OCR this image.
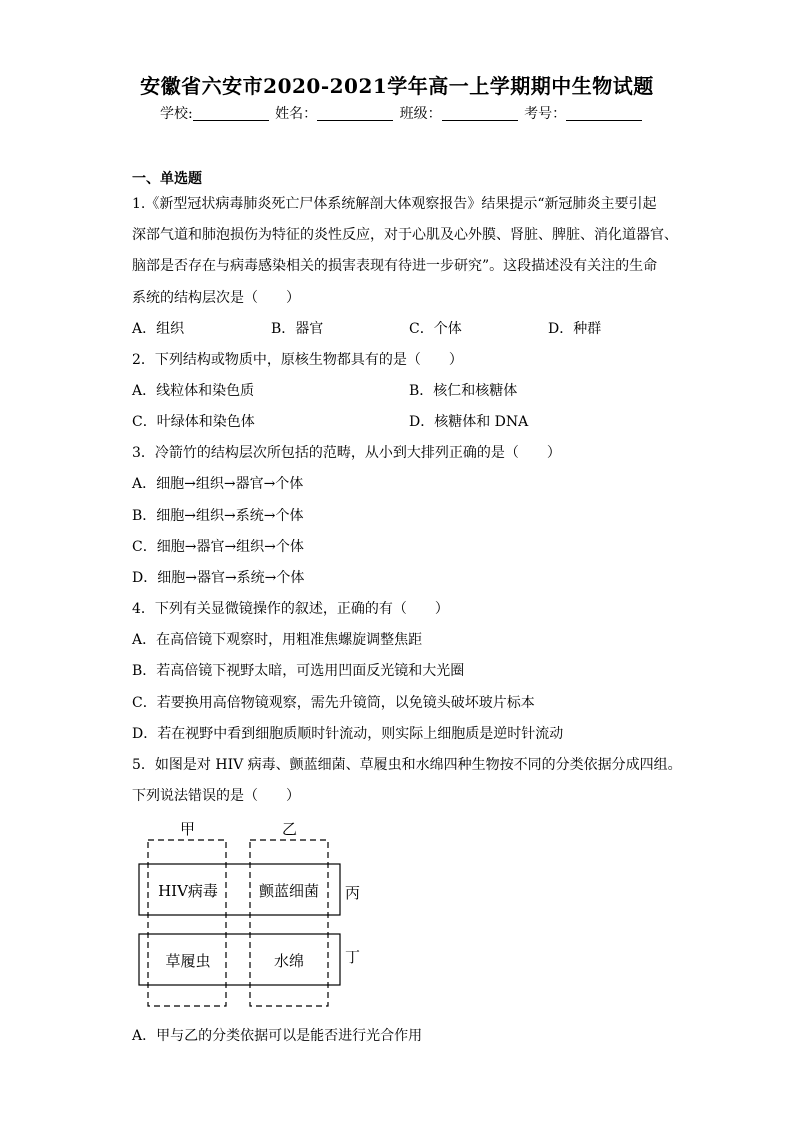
安徽省六安市2020-2021学年高一上学期期中生物试题
学校:	姓名：	班级：	考号：
一、单选题
1.《新型冠状病毒肺炎死亡尸体系统解剖大体观察报告》结果提示“新冠肺炎主要引起
深部气道和肺泡损伤为特征的炎性反应，对于心肌及心外膜、肾脏、脾脏、消化道器官、
脑部是否存在与病毒感染相关的损害表现有待进一步研究”。这段描述没有关注的生命
系统的结构层次是（　　）
A．组织	B．器官	C．个体	D．种群
2．下列结构或物质中，原核生物都具有的是（　　）
A．线粒体和染色质	B．核仁和核糖体
C．叶绿体和染色体	D．核糖体和 DNA
3．冷箭竹的结构层次所包括的范畴，从小到大排列正确的是（　　）
A．细胞→组织→器官→个体
B．细胞→组织→系统→个体
C．细胞→器官→组织→个体
D．细胞→器官→系统→个体
4．下列有关显微镜操作的叙述，正确的有（　　）
A．在高倍镜下观察时，用粗准焦螺旋调整焦距
B．若高倍镜下视野太暗，可选用凹面反光镜和大光圈
C．若要换用高倍物镜观察，需先升镜筒，以免镜头破坏玻片标本
D．若在视野中看到细胞质顺时针流动，则实际上细胞质是逆时针流动
5．如图是对 HIV 病毒、颤蓝细菌、草履虫和水绵四种生物按不同的分类依据分成四组。
下列说法错误的是（　　）
甲	乙
丙
丁
HIV病毒	颤蓝细菌
草履虫	水绵
A．甲与乙的分类依据可以是能否进行光合作用
